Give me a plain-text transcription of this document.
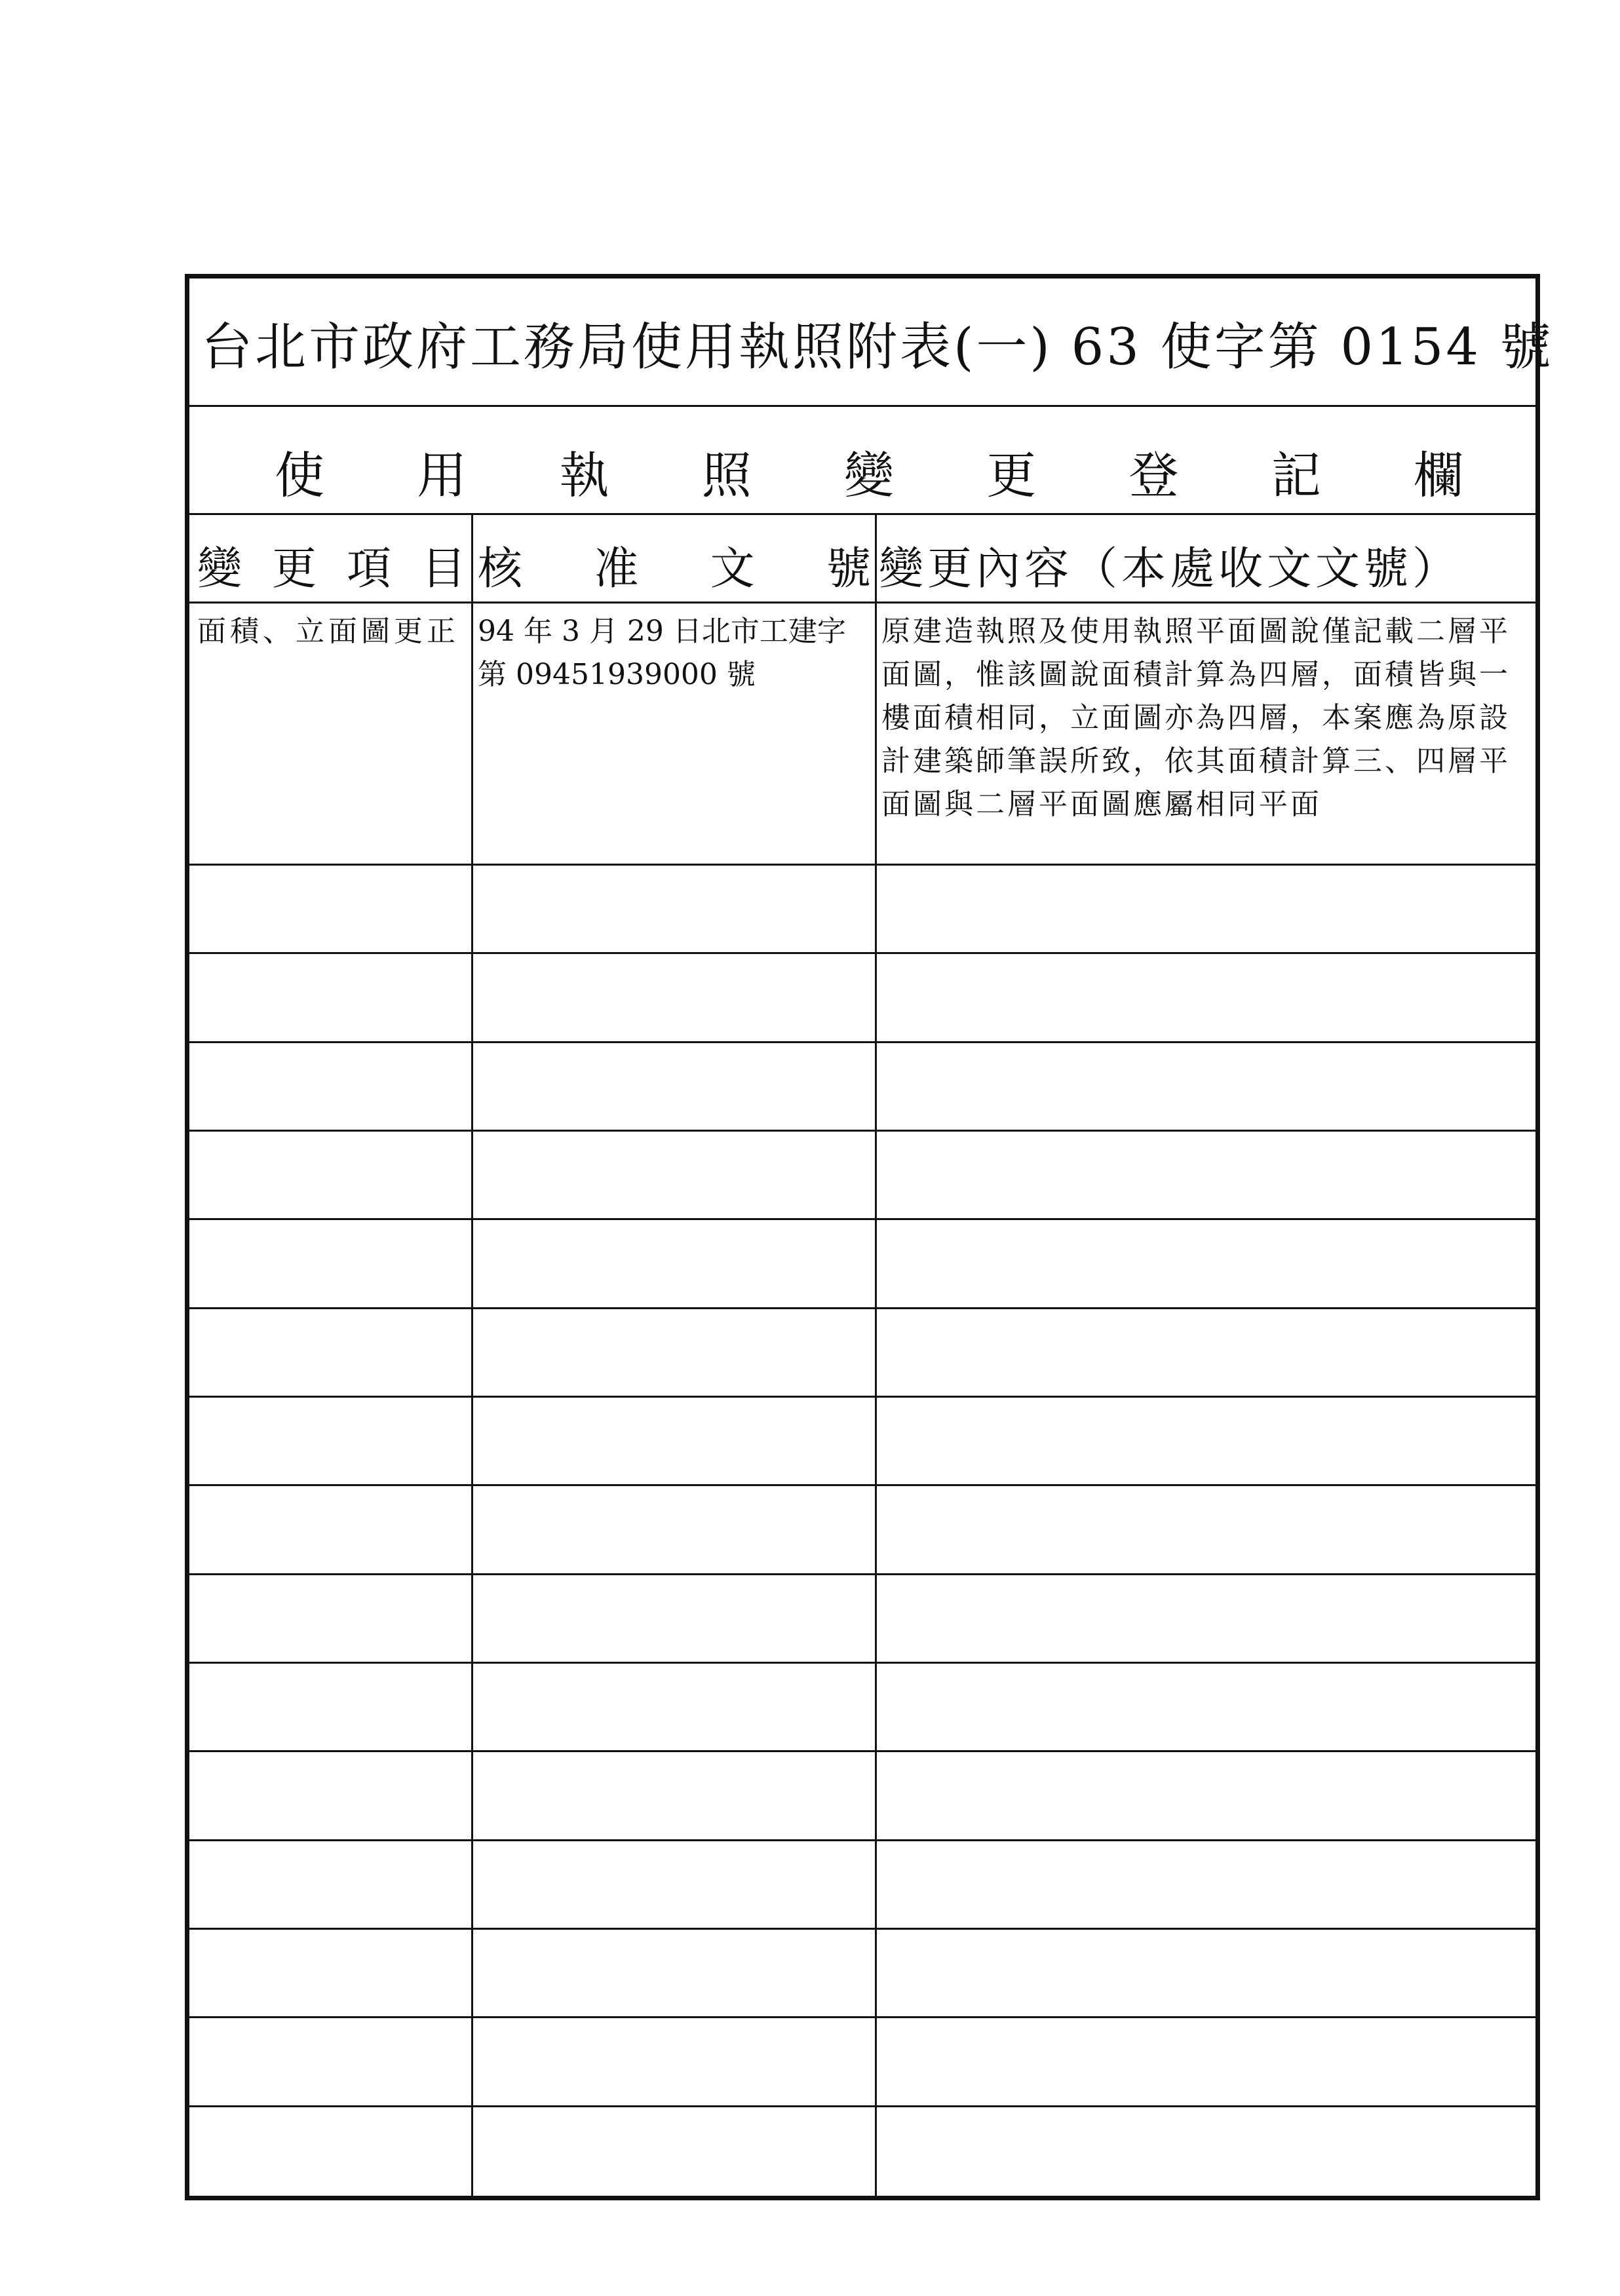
台北市政府工務局使用執照附表(一) 63 使字第 0154 號
使 用 執 照 變 更 登 記 欄
變 更 項 目 核 准 文 號 變更內容（本處收文文號）
面積、立面圖更正 94 年 3 月 29 日北市工建字第 09451939000 號
原建造執照及使用執照平面圖說僅記載二層平面圖，惟該圖說面積計算為四層，面積皆與一樓面積相同，立面圖亦為四層，本案應為原設計建築師筆誤所致，依其面積計算三、四層平面圖與二層平面圖應屬相同平面
